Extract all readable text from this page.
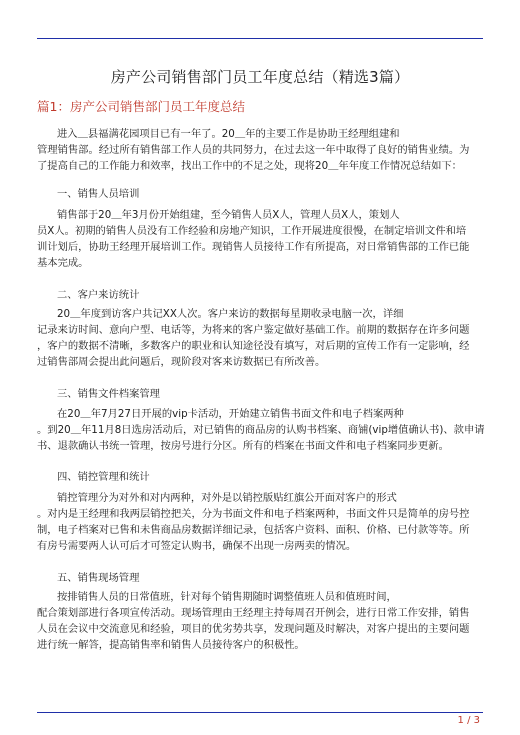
房产公司销售部门员工年度总结（精选3篇）
篇1：房产公司销售部门员工年度总结
进入＿县福满花园项目已有一年了。20＿年的主要工作是协助王经理组建和
管理销售部。经过所有销售部工作人员的共同努力，在过去这一年中取得了良好的销售业绩。为
了提高自己的工作能力和效率，找出工作中的不足之处，现将20＿年年度工作情况总结如下：
一、销售人员培训
销售部于20＿年3月份开始组建，至今销售人员X人，管理人员X人，策划人
员X人。初期的销售人员没有工作经验和房地产知识，工作开展进度很慢，在制定培训文件和培
训计划后，协助王经理开展培训工作。现销售人员接待工作有所提高，对日常销售部的工作已能
基本完成。
二、客户来访统计
20＿年度到访客户共记XX人次。客户来访的数据每星期收录电脑一次，详细
记录来访时间、意向户型、电话等，为将来的客户鉴定做好基础工作。前期的数据存在许多问题
，客户的数据不清晰，多数客户的职业和认知途径没有填写，对后期的宣传工作有一定影响，经
过销售部周会提出此问题后，现阶段对客来访数据已有所改善。
三、销售文件档案管理
在20＿年7月27日开展的vip卡活动，开始建立销售书面文件和电子档案两种
。到20＿年11月8日选房活动后，对已销售的商品房的认购书档案、商铺(vip增值确认书)、款申请
书、退款确认书统一管理，按房号进行分区。所有的档案在书面文件和电子档案同步更新。
四、销控管理和统计
销控管理分为对外和对内两种，对外是以销控版贴红旗公开面对客户的形式
。对内是王经理和我两层销控把关，分为书面文件和电子档案两种，书面文件只是简单的房号控
制，电子档案对已售和未售商品房数据详细记录，包括客户资料、面积、价格、已付款等等。所
有房号需要两人认可后才可签定认购书，确保不出现一房两卖的情况。
五、销售现场管理
按排销售人员的日常值班，针对每个销售期随时调整值班人员和值班时间，
配合策划部进行各项宣传活动。现场管理由王经理主持每周召开例会，进行日常工作安排，销售
人员在会议中交流意见和经验，项目的优劣势共享，发现问题及时解决，对客户提出的主要问题
进行统一解答，提高销售率和销售人员接待客户的积极性。
1 / 3
